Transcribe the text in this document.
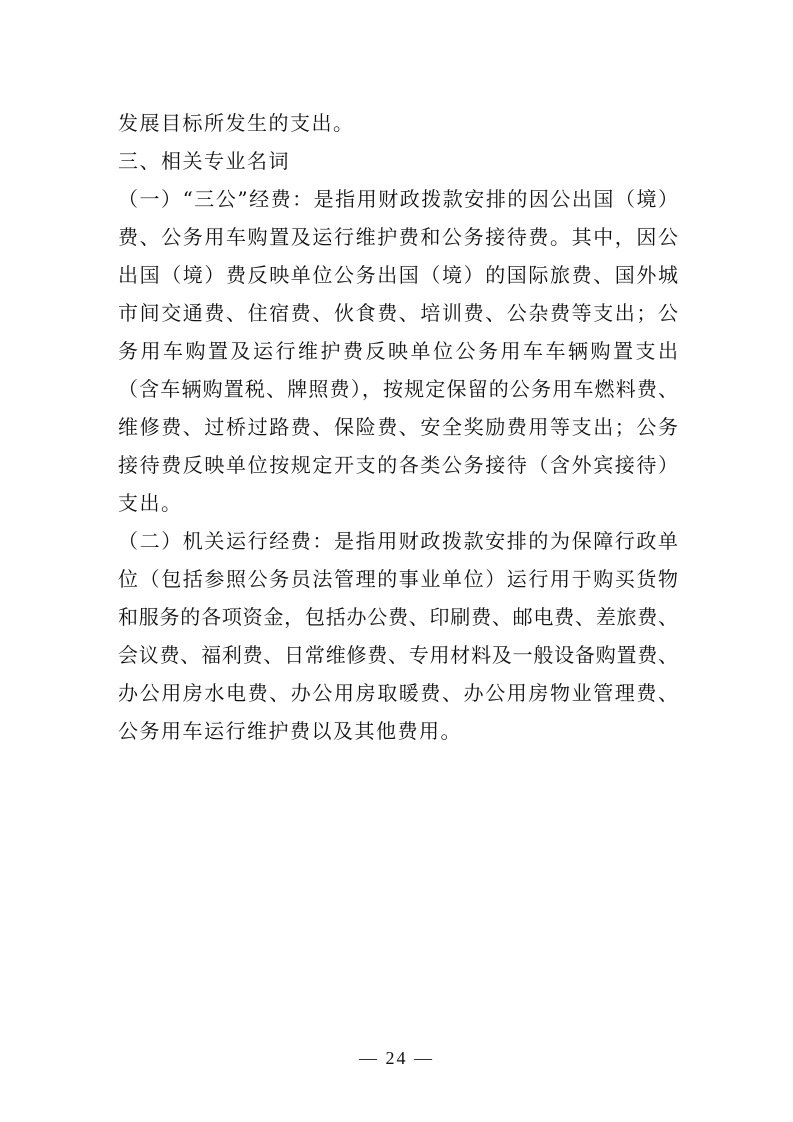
发展目标所发生的支出。
三、相关专业名词
（一）“三公”经费：是指用财政拨款安排的因公出国（境）
费、公务用车购置及运行维护费和公务接待费。其中，因公
出国（境）费反映单位公务出国（境）的国际旅费、国外城
市间交通费、住宿费、伙食费、培训费、公杂费等支出；公
务用车购置及运行维护费反映单位公务用车车辆购置支出
（含车辆购置税、牌照费），按规定保留的公务用车燃料费、
维修费、过桥过路费、保险费、安全奖励费用等支出；公务
接待费反映单位按规定开支的各类公务接待（含外宾接待）
支出。
（二）机关运行经费：是指用财政拨款安排的为保障行政单
位（包括参照公务员法管理的事业单位）运行用于购买货物
和服务的各项资金，包括办公费、印刷费、邮电费、差旅费、
会议费、福利费、日常维修费、专用材料及一般设备购置费、
办公用房水电费、办公用房取暖费、办公用房物业管理费、
公务用车运行维护费以及其他费用。
— 24 —
